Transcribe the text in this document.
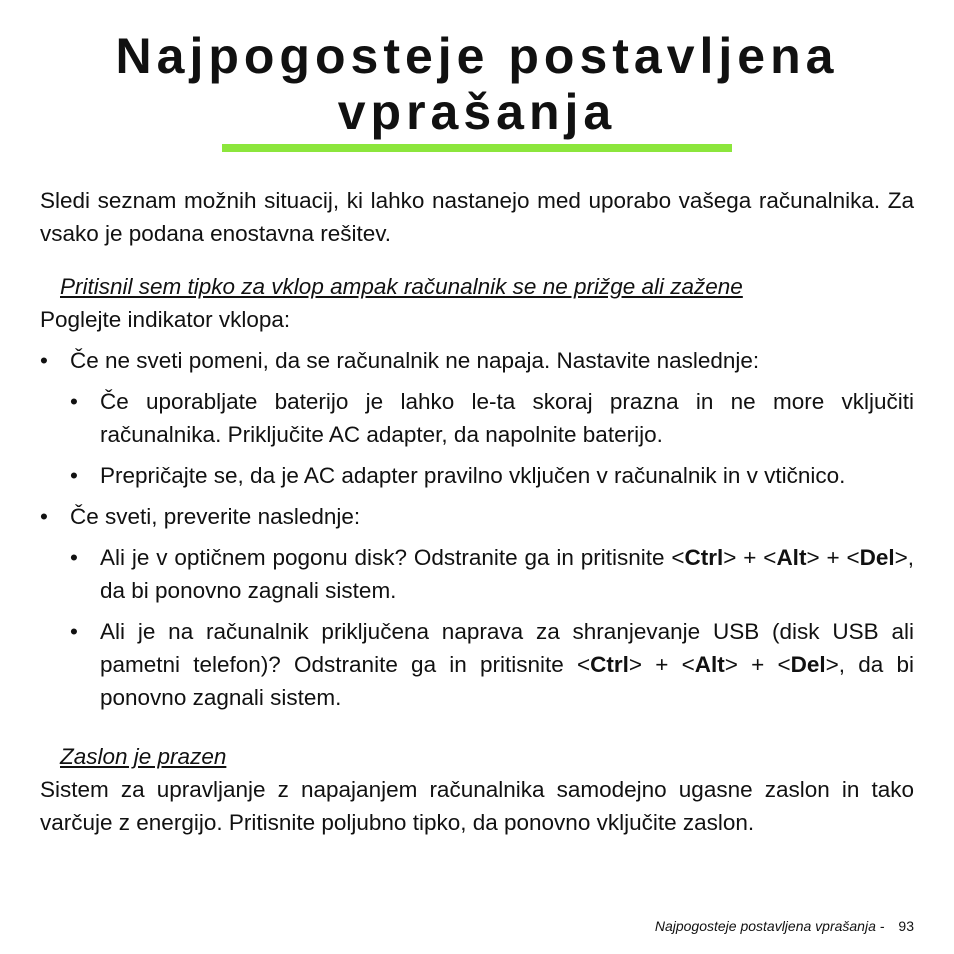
Najpogosteje postavljena
vprašanja

Sledi seznam možnih situacij, ki lahko nastanejo med uporabo vašega računalnika. Za vsako je podana enostavna rešitev.

Pritisnil sem tipko za vklop ampak računalnik se ne prižge ali zažene

Poglejte indikator vklopa:

• Če ne sveti pomeni, da se računalnik ne napaja. Nastavite naslednje:
• Če uporabljate baterijo je lahko le-ta skoraj prazna in ne more vključiti računalnika. Priključite AC adapter, da napolnite baterijo.
• Prepričajte se, da je AC adapter pravilno vključen v računalnik in v vtičnico.
• Če sveti, preverite naslednje:
• Ali je v optičnem pogonu disk? Odstranite ga in pritisnite <Ctrl> + <Alt> + <Del>, da bi ponovno zagnali sistem.
• Ali je na računalnik priključena naprava za shranjevanje USB (disk USB ali pametni telefon)? Odstranite ga in pritisnite <Ctrl> + <Alt> + <Del>, da bi ponovno zagnali sistem.

Zaslon je prazen

Sistem za upravljanje z napajanjem računalnika samodejno ugasne zaslon in tako varčuje z energijo. Pritisnite poljubno tipko, da ponovno vključite zaslon.

Najpogosteje postavljena vprašanja - 93
